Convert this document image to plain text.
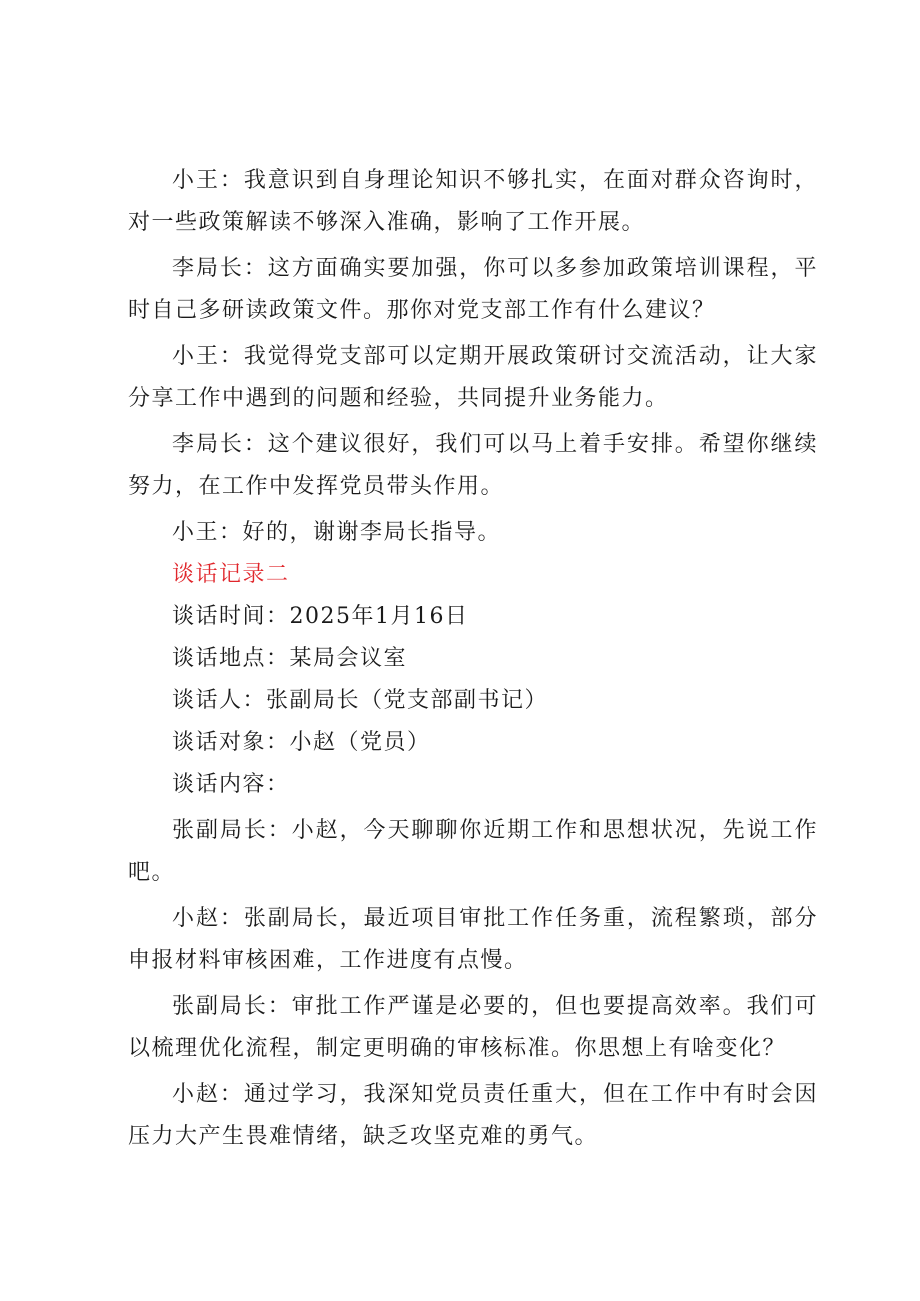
小王：我意识到自身理论知识不够扎实，在面对群众咨询时，对一些政策解读不够深入准确，影响了工作开展。

李局长：这方面确实要加强，你可以多参加政策培训课程，平时自己多研读政策文件。那你对党支部工作有什么建议？

小王：我觉得党支部可以定期开展政策研讨交流活动，让大家分享工作中遇到的问题和经验，共同提升业务能力。

李局长：这个建议很好，我们可以马上着手安排。希望你继续努力，在工作中发挥党员带头作用。

小王：好的，谢谢李局长指导。

谈话记录二

谈话时间：2025年1月16日

谈话地点：某局会议室

谈话人：张副局长（党支部副书记）

谈话对象：小赵（党员）

谈话内容：

张副局长：小赵，今天聊聊你近期工作和思想状况，先说工作吧。

小赵：张副局长，最近项目审批工作任务重，流程繁琐，部分申报材料审核困难，工作进度有点慢。

张副局长：审批工作严谨是必要的，但也要提高效率。我们可以梳理优化流程，制定更明确的审核标准。你思想上有啥变化？

小赵：通过学习，我深知党员责任重大，但在工作中有时会因压力大产生畏难情绪，缺乏攻坚克难的勇气。
